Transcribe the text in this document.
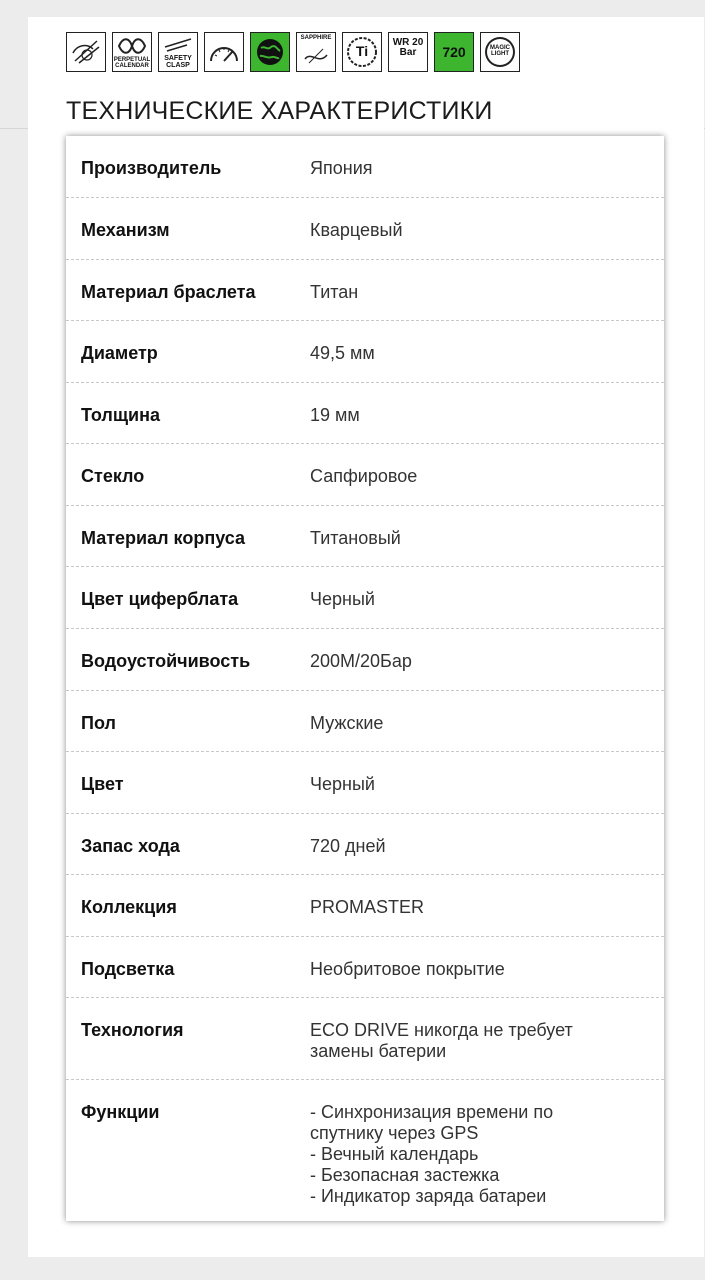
PERPETUAL CALENDAR
SAFETY CLASP
SAPPHIRE
Ti
WR 20 Bar	720	MAGIC LIGHT
ТЕХНИЧЕСКИЕ ХАРАКТЕРИСТИКИ
Производитель	Япония
Механизм	Кварцевый
Материал браслета	Титан
Диаметр	49,5 мм
Толщина	19 мм
Стекло	Сапфировое
Материал корпуса	Титановый
Цвет циферблата	Черный
Водоустойчивость	200M/20Бар
Пол	Мужские
Цвет	Черный
Запас хода	720 дней
Коллекция	PROMASTER
Подсветка	Необритовое покрытие
Технология	ECO DRIVE никогда не требует
замены батерии
Функции	- Синхронизация времени по
спутнику через GPS
- Вечный календарь
- Безопасная застежка
- Индикатор заряда батареи
